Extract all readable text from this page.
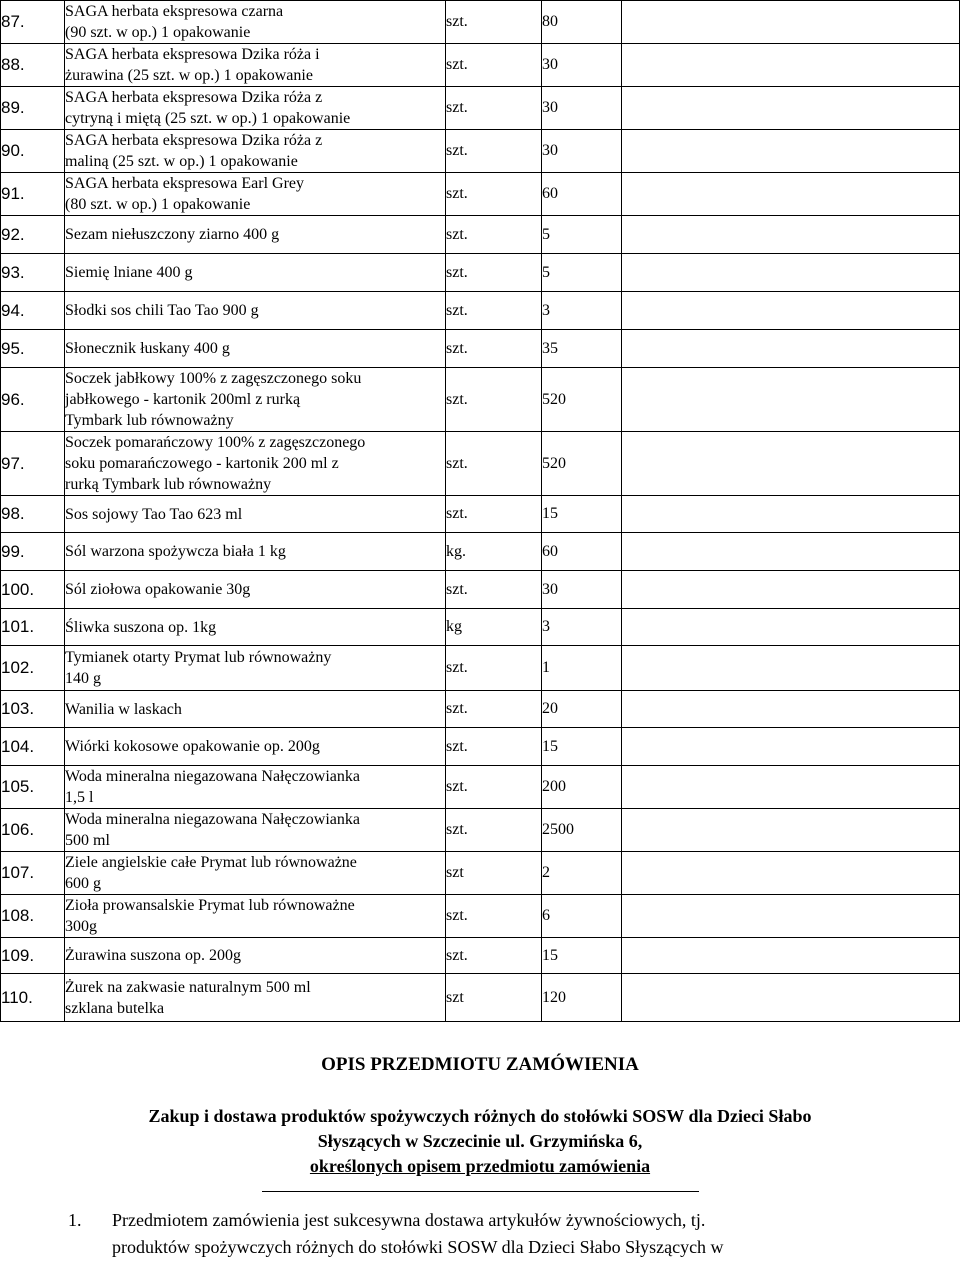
87.	SAGA herbata ekspresowa czarna
(90 szt. w op.) 1 opakowanie	szt.	80	
88.	SAGA herbata ekspresowa Dzika róża i
żurawina (25 szt. w op.) 1 opakowanie	szt.	30	
89.	SAGA herbata ekspresowa Dzika róża z
cytryną i miętą (25 szt. w op.) 1 opakowanie	szt.	30	
90.	SAGA herbata ekspresowa Dzika róża z
maliną (25 szt. w op.) 1 opakowanie	szt.	30	
91.	SAGA herbata ekspresowa Earl Grey
(80 szt. w op.) 1 opakowanie	szt.	60	
92.	Sezam niełuszczony ziarno 400 g	szt.	5	
93.	Siemię lniane 400 g	szt.	5	
94.	Słodki sos chili Tao Tao 900 g	szt.	3	
95.	Słonecznik łuskany 400 g	szt.	35	
96.	Soczek jabłkowy 100% z zagęszczonego soku
jabłkowego - kartonik 200ml z rurką
Tymbark lub równoważny	szt.	520	
97.	Soczek pomarańczowy 100% z zagęszczonego
soku pomarańczowego - kartonik 200 ml z
rurką Tymbark lub równoważny	szt.	520	
98.	Sos sojowy Tao Tao 623 ml	szt.	15	
99.	Sól warzona spożywcza biała 1 kg	kg.	60	
100.	Sól ziołowa opakowanie 30g	szt.	30	
101.	Śliwka suszona op. 1kg	kg	3	
102.	Tymianek otarty Prymat lub równoważny
140 g	szt.	1	
103.	Wanilia w laskach	szt.	20	
104.	Wiórki kokosowe opakowanie op. 200g	szt.	15	
105.	Woda mineralna niegazowana Nałęczowianka
1,5 l	szt.	200	
106.	Woda mineralna niegazowana Nałęczowianka
500 ml	szt.	2500	
107.	Ziele angielskie całe Prymat lub równoważne
600 g	szt	2	
108.	Zioła prowansalskie Prymat lub równoważne
300g	szt.	6	
109.	Żurawina suszona op. 200g	szt.	15	
110.	Żurek na zakwasie naturalnym 500 ml
szklana butelka	szt	120	
OPIS PRZEDMIOTU ZAMÓWIENIA
Zakup i dostawa produktów spożywczych różnych do stołówki SOSW dla Dzieci Słabo
Słyszących w Szczecinie ul. Grzymińska 6,
określonych opisem przedmiotu zamówienia
1. Przedmiotem zamówienia jest sukcesywna dostawa artykułów żywnościowych, tj.
produktów spożywczych różnych do stołówki SOSW dla Dzieci Słabo Słyszących w
